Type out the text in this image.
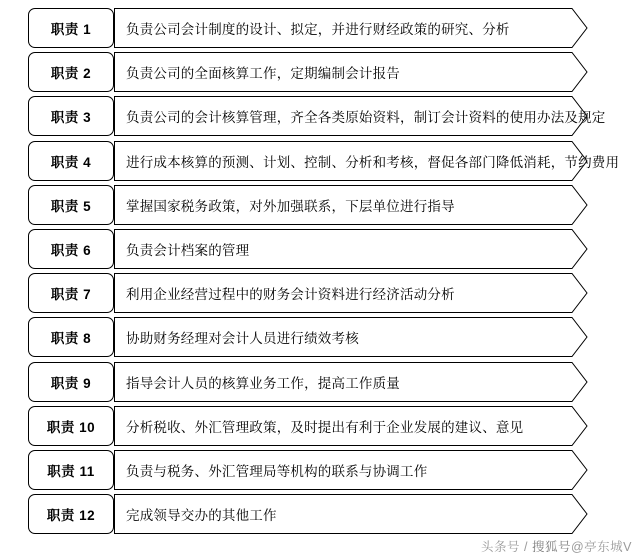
职责 1	负责公司会计制度的设计、拟定，并进行财经政策的研究、分析
职责 2	负责公司的全面核算工作，定期编制会计报告
职责 3	负责公司的会计核算管理，齐全各类原始资料，制订会计资料的使用办法及规定
职责 4	进行成本核算的预测、计划、控制、分析和考核，督促各部门降低消耗，节约费用
职责 5	掌握国家税务政策，对外加强联系，下层单位进行指导
职责 6	负责会计档案的管理
职责 7	利用企业经营过程中的财务会计资料进行经济活动分析
职责 8	协助财务经理对会计人员进行绩效考核
职责 9	指导会计人员的核算业务工作，提高工作质量
职责 10 分析税收、外汇管理政策，及时提出有利于企业发展的建议、意见
职责 11 负责与税务、外汇管理局等机构的联系与协调工作
职责 12 完成领导交办的其他工作
头条号 / 搜狐号@亭东城V
